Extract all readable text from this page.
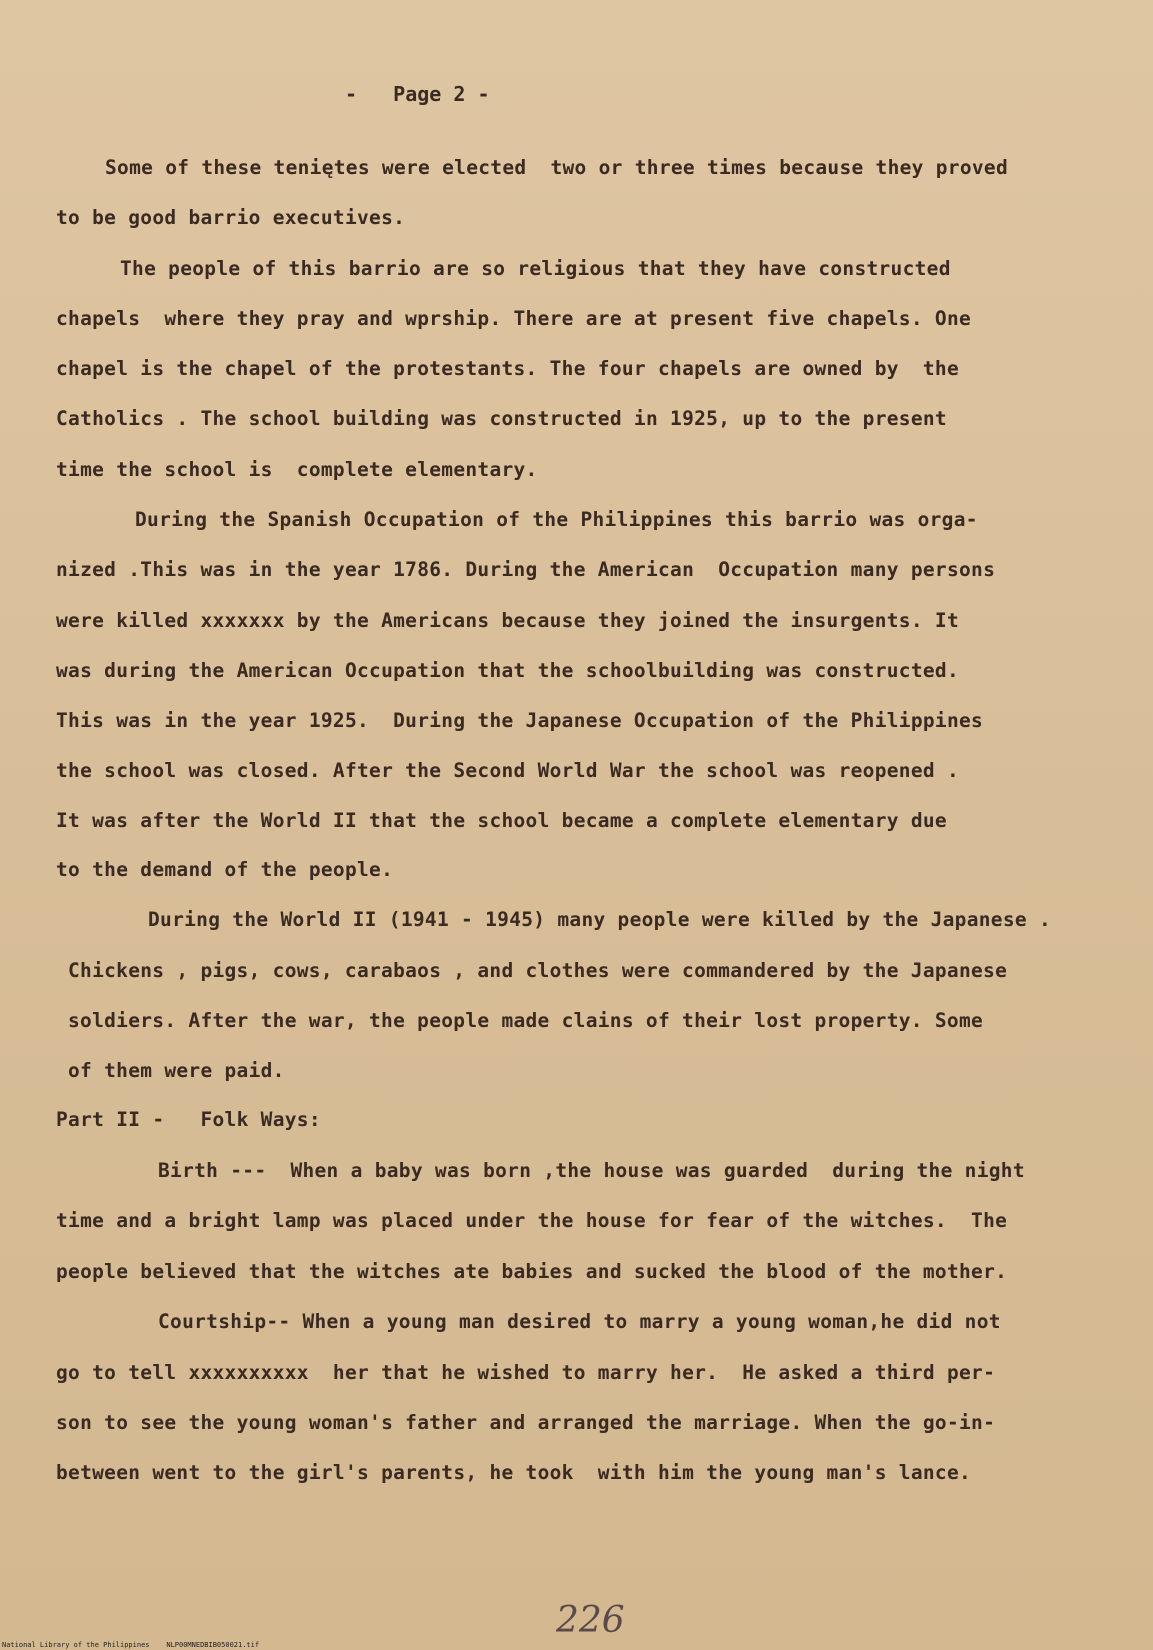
-   Page 2 -
Some of these teniętes were elected  two or three times because they proved
to be good barrio executives.
The people of this barrio are so religious that they have constructed
chapels  where they pray and wprship. There are at present five chapels. One
chapel is the chapel of the protestants. The four chapels are owned by  the
Catholics . The school building was constructed in 1925, up to the present
time the school is  complete elementary.
During the Spanish Occupation of the Philippines this barrio was orga-
nized .This was in the year 1786. During the American  Occupation many persons
were killed xxxxxxx by the Americans because they joined the insurgents. It
was during the American Occupation that the schoolbuilding was constructed.
This was in the year 1925.  During the Japanese Occupation of the Philippines
the school was closed. After the Second World War the school was reopened .
It was after the World II that the school became a complete elementary due
to the demand of the people.
During the World II (1941 - 1945) many people were killed by the Japanese .
Chickens , pigs, cows, carabaos , and clothes were commandered by the Japanese
soldiers. After the war, the people made clains of their lost property. Some
of them were paid.
Part II -   Folk Ways:
Birth ---  When a baby was born ,the house was guarded  during the night
time and a bright lamp was placed under the house for fear of the witches.  The
people believed that the witches ate babies and sucked the blood of the mother.
Courtship-- When a young man desired to marry a young woman,he did not
go to tell xxxxxxxxxx  her that he wished to marry her.  He asked a third per-
son to see the young woman's father and arranged the marriage. When the go-in-
between went to the girl's parents, he took  with him the young man's lance.
226
National Library of the Philippines    NLP00MNEDBIB050021.tif
